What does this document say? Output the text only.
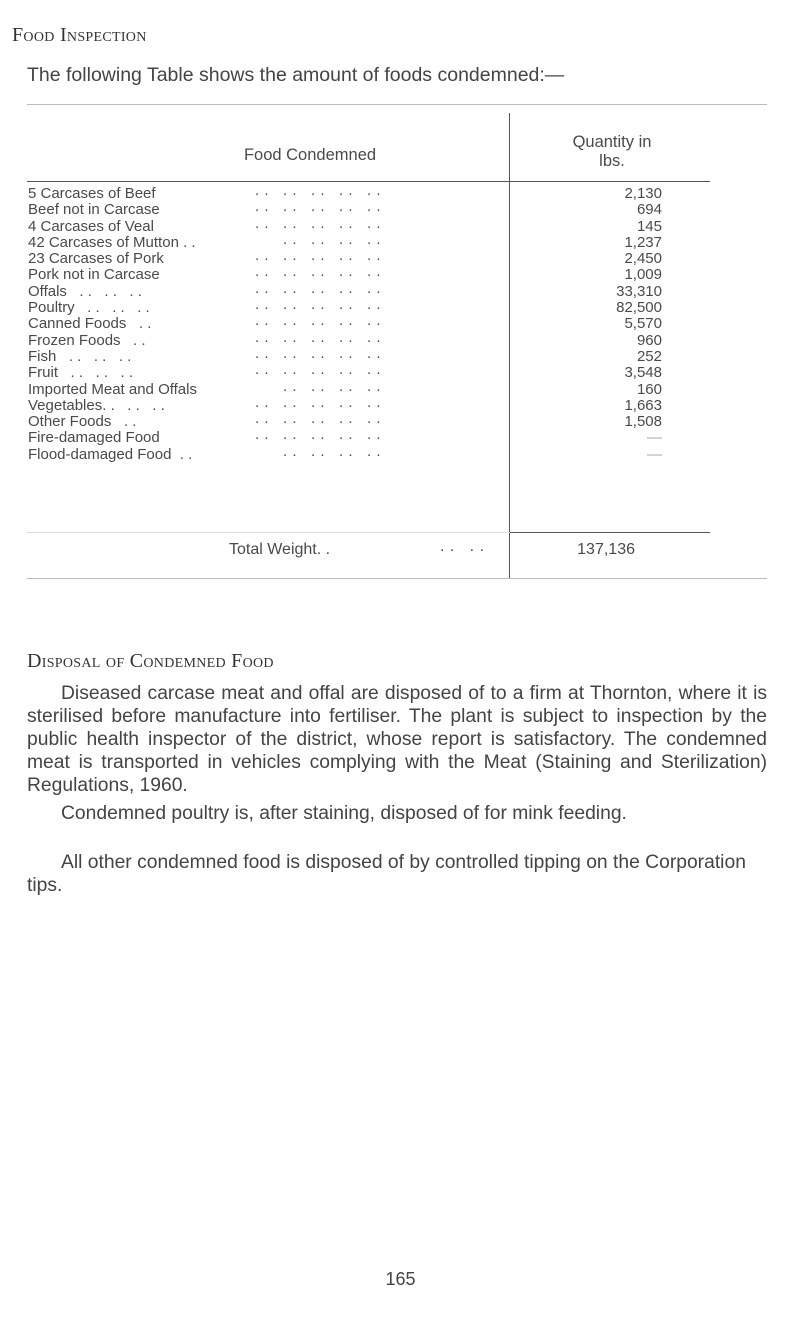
Food Inspection

The following Table shows the amount of foods condemned:—

Food Condemned
Quantity in
lbs.
5 Carcases of Beef	. .   . .   . .   . .   . .	2,130
Beef not in Carcase	. .   . .   . .   . .   . .	694
4 Carcases of Veal	. .   . .   . .   . .   . .	145
42 Carcases of Mutton . .	. .   . .   . .   . .	1,237
23 Carcases of Pork	. .   . .   . .   . .   . .	2,450
Pork not in Carcase	. .   . .   . .   . .   . .	1,009
Offals   . .   . .   . .	. .   . .   . .   . .   . .	33,310
Poultry   . .   . .   . .	. .   . .   . .   . .   . .	82,500
Canned Foods   . .	. .   . .   . .   . .   . .	5,570
Frozen Foods   . .	. .   . .   . .   . .   . .	960
Fish   . .   . .   . .	. .   . .   . .   . .   . .	252
Fruit   . .   . .   . .	. .   . .   . .   . .   . .	3,548
Imported Meat and Offals	. .   . .   . .   . .	160
Vegetables. .   . .   . .	. .   . .   . .   . .   . .	1,663
Other Foods   . .	. .   . .   . .   . .   . .	1,508
Fire-damaged Food	. .   . .   . .   . .   . .	—
Flood-damaged Food  . .	. .   . .   . .   . .	—
Total Weight. .	. .   . .	137,136
Disposal of Condemned Food

Diseased carcase meat and offal are disposed of to a firm at Thornton, where it is sterilised before manufacture into fertiliser. The plant is subject to inspection by the public health inspector of the district, whose report is satisfactory. The condemned meat is transported in vehicles complying with the Meat (Staining and Sterilization) Regulations, 1960.

Condemned poultry is, after staining, disposed of for mink feeding.

All other condemned food is disposed of by controlled tipping on the Corporation tips.

165
